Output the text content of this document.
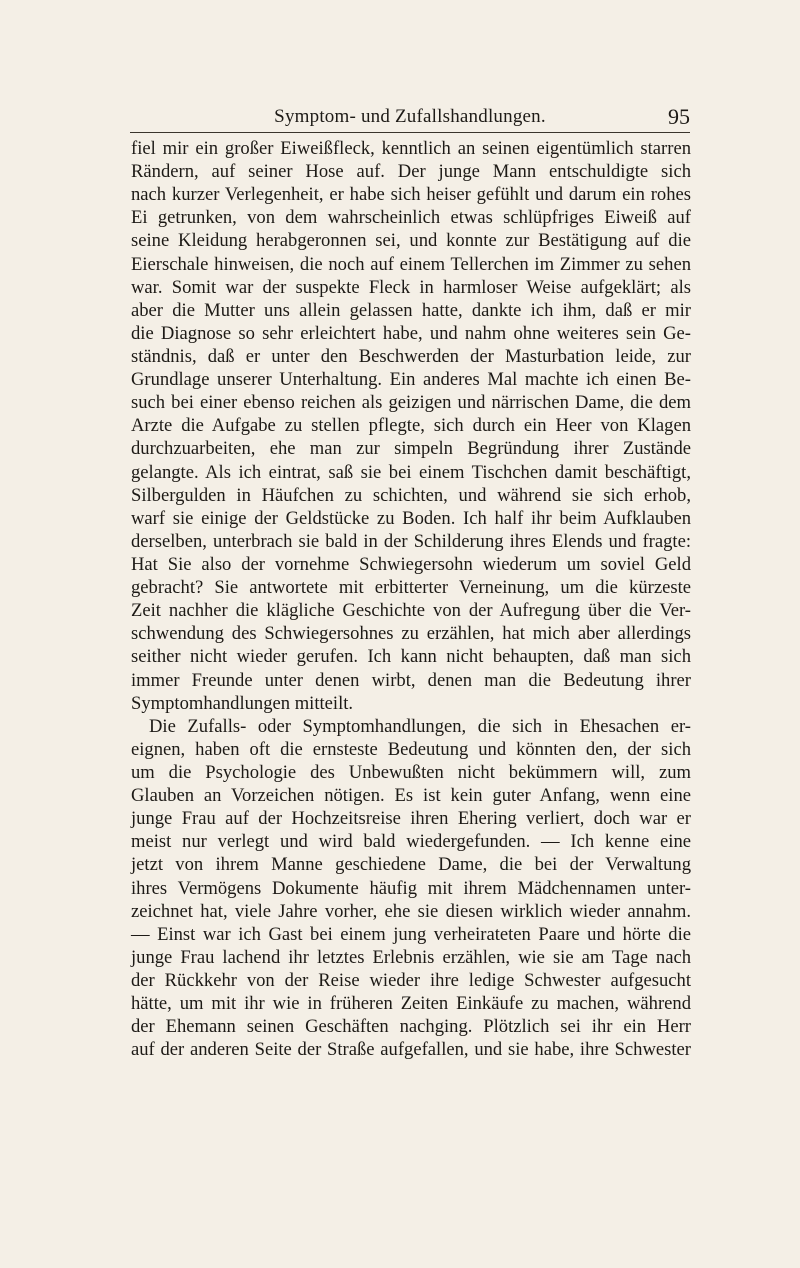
Symptom- und Zufallshandlungen.	95
fiel mir ein großer Eiweißfleck, kenntlich an seinen eigentümlich starren
Rändern, auf seiner Hose auf. Der junge Mann entschuldigte sich
nach kurzer Verlegenheit, er habe sich heiser gefühlt und darum ein rohes
Ei getrunken, von dem wahrscheinlich etwas schlüpfriges Eiweiß auf
seine Kleidung herabgeronnen sei, und konnte zur Bestätigung auf die
Eierschale hinweisen, die noch auf einem Tellerchen im Zimmer zu sehen
war. Somit war der suspekte Fleck in harmloser Weise aufgeklärt; als
aber die Mutter uns allein gelassen hatte, dankte ich ihm, daß er mir
die Diagnose so sehr erleichtert habe, und nahm ohne weiteres sein Ge-
ständnis, daß er unter den Beschwerden der Masturbation leide, zur
Grundlage unserer Unterhaltung. Ein anderes Mal machte ich einen Be-
such bei einer ebenso reichen als geizigen und närrischen Dame, die dem
Arzte die Aufgabe zu stellen pflegte, sich durch ein Heer von Klagen
durchzuarbeiten, ehe man zur simpeln Begründung ihrer Zustände
gelangte. Als ich eintrat, saß sie bei einem Tischchen damit beschäftigt,
Silbergulden in Häufchen zu schichten, und während sie sich erhob,
warf sie einige der Geldstücke zu Boden. Ich half ihr beim Aufklauben
derselben, unterbrach sie bald in der Schilderung ihres Elends und fragte:
Hat Sie also der vornehme Schwiegersohn wiederum um soviel Geld
gebracht? Sie antwortete mit erbitterter Verneinung, um die kürzeste
Zeit nachher die klägliche Geschichte von der Aufregung über die Ver-
schwendung des Schwiegersohnes zu erzählen, hat mich aber allerdings
seither nicht wieder gerufen. Ich kann nicht behaupten, daß man sich
immer Freunde unter denen wirbt, denen man die Bedeutung ihrer
Symptomhandlungen mitteilt.
Die Zufalls- oder Symptomhandlungen, die sich in Ehesachen er-
eignen, haben oft die ernsteste Bedeutung und könnten den, der sich
um die Psychologie des Unbewußten nicht bekümmern will, zum
Glauben an Vorzeichen nötigen. Es ist kein guter Anfang, wenn eine
junge Frau auf der Hochzeitsreise ihren Ehering verliert, doch war er
meist nur verlegt und wird bald wiedergefunden. — Ich kenne eine
jetzt von ihrem Manne geschiedene Dame, die bei der Verwaltung
ihres Vermögens Dokumente häufig mit ihrem Mädchennamen unter-
zeichnet hat, viele Jahre vorher, ehe sie diesen wirklich wieder annahm.
— Einst war ich Gast bei einem jung verheirateten Paare und hörte die
junge Frau lachend ihr letztes Erlebnis erzählen, wie sie am Tage nach
der Rückkehr von der Reise wieder ihre ledige Schwester aufgesucht
hätte, um mit ihr wie in früheren Zeiten Einkäufe zu machen, während
der Ehemann seinen Geschäften nachging. Plötzlich sei ihr ein Herr
auf der anderen Seite der Straße aufgefallen, und sie habe, ihre Schwester
